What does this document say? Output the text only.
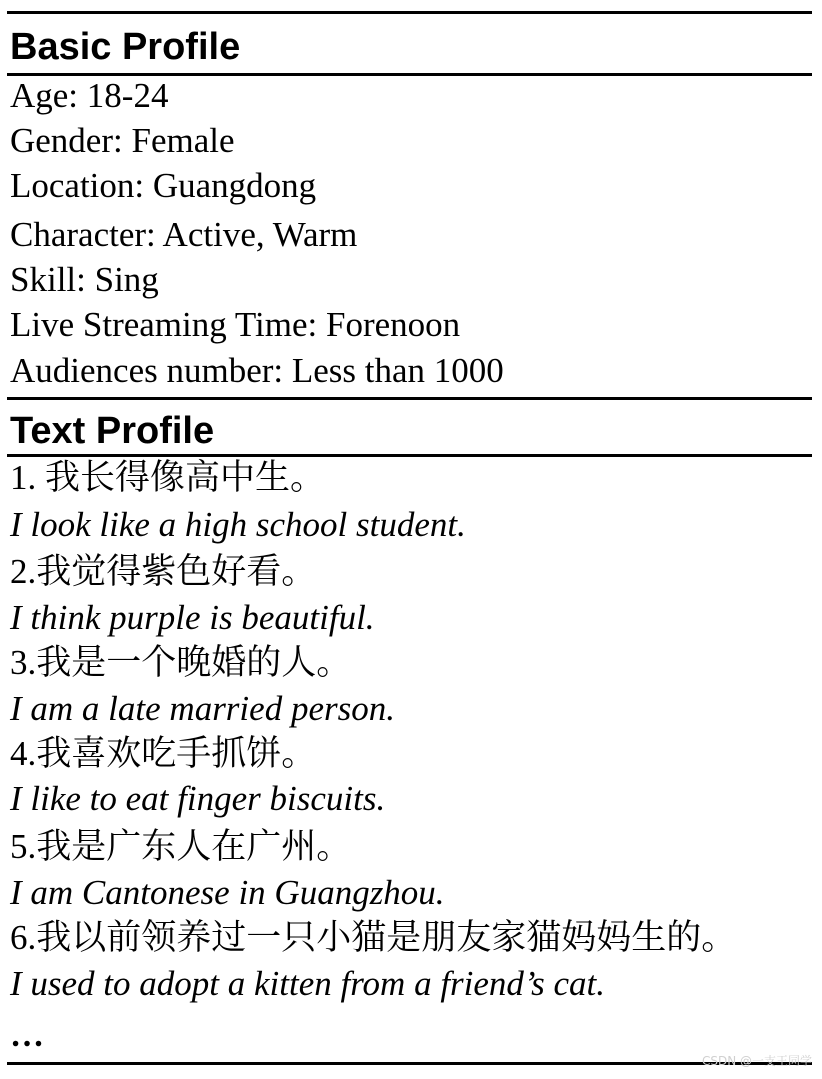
Basic Profile
Age: 18-24
Gender: Female
Location: Guangdong
Character: Active, Warm
Skill: Sing
Live Streaming Time: Forenoon
Audiences number: Less than 1000
Text Profile
1. 我长得像高中生。
I look like a high school student.
2.我觉得紫色好看。
I think purple is beautiful.
3.我是一个晚婚的人。
I am a late married person.
4.我喜欢吃手抓饼。
I like to eat finger biscuits.
5.我是广东人在广州。
I am Cantonese in Guangzhou.
6.我以前领养过一只小猫是朋友家猫妈妈生的。
I used to adopt a kitten from a friend’s cat.
…
CSDN @一支王同学
